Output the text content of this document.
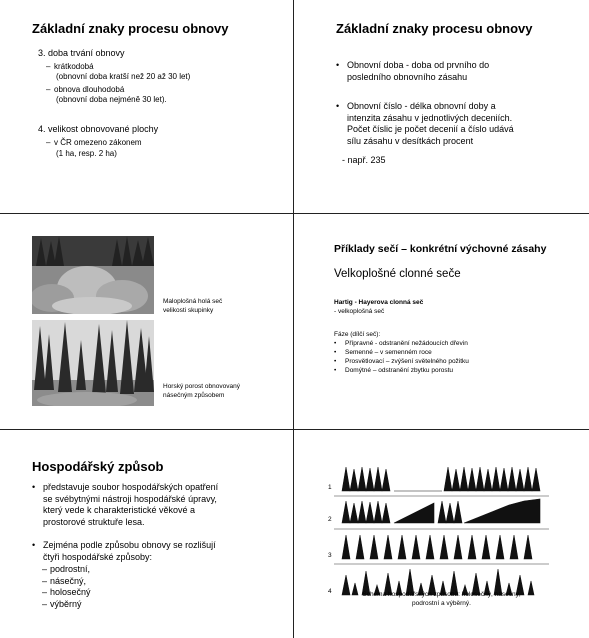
Základní znaky procesu obnovy
3. doba trvání obnovy
– krátkodobá
(obnovní doba kratší než 20 až 30 let)
– obnova dlouhodobá
(obnovní doba nejméně 30 let).
4. velikost obnovované plochy
– v ČR omezeno zákonem
(1 ha, resp. 2 ha)
Základní znaky procesu obnovy
• Obnovní doba - doba od prvního do
posledního obnovního zásahu
• Obnovní číslo - délka obnovní doby a
intenzita zásahu v jednotlivých deceniích.
Počet číslic je počet decenií a číslo udává
sílu zásahu v desítkách procent
- např. 235
Maloplošná holá seč
velikosti skupinky
Horský porost obnovovaný
násečným způsobem
Příklady sečí – konkrétní výchovné zásahy
Velkoplošné clonné seče
Hartig - Hayerova clonná seč
- velkoplošná seč
Fáze (dílčí seč):
• Přípravné - odstranění nežádoucích dřevin
• Semenné – v semenném roce
• Prosvětlovací – zvýšení světelného požitku
• Domýtné – odstranění zbytku porostu
Hospodářský způsob
• představuje soubor hospodářských opatření
se svébytnými nástroji hospodářské úpravy,
který vede k charakteristické věkové a
prostorové struktuře lesa.
• Zejména podle způsobu obnovy se rozlišují
čtyři hospodářské způsoby:
– podrostní,
– násečný,
– holosečný
– výběrný
1
2
3
4	Schéma hospodářských způsobů: holosečný, násečný,
podrostní a výběrný.
